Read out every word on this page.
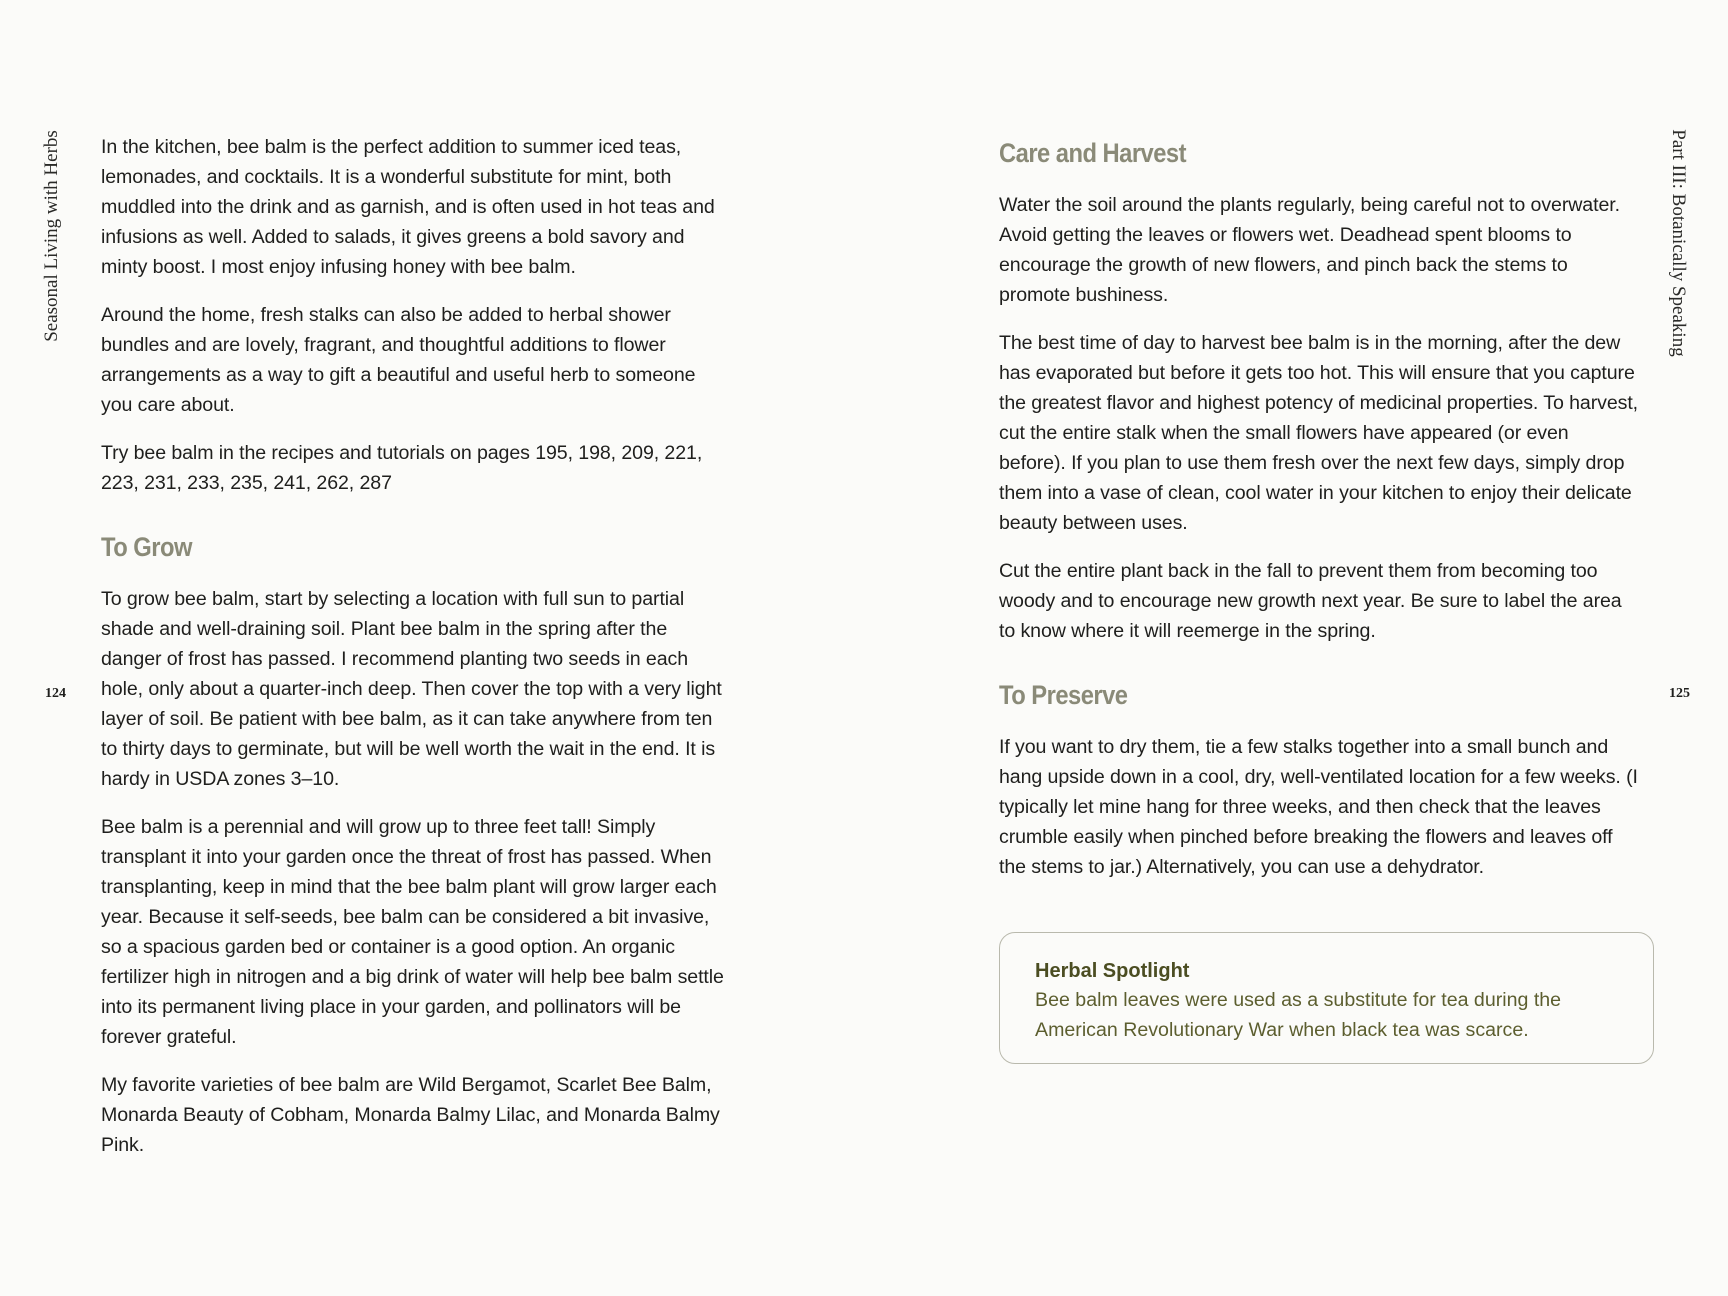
Seasonal Living with Herbs
124

In the kitchen, bee balm is the perfect addition to summer iced teas, lemonades, and cocktails. It is a wonderful substitute for mint, both muddled into the drink and as garnish, and is often used in hot teas and infusions as well. Added to salads, it gives greens a bold savory and minty boost. I most enjoy infusing honey with bee balm.

Around the home, fresh stalks can also be added to herbal shower bundles and are lovely, fragrant, and thoughtful additions to flower arrangements as a way to gift a beautiful and useful herb to someone you care about.

Try bee balm in the recipes and tutorials on pages 195, 198, 209, 221, 223, 231, 233, 235, 241, 262, 287

To Grow

To grow bee balm, start by selecting a location with full sun to partial shade and well-draining soil. Plant bee balm in the spring after the danger of frost has passed. I recommend planting two seeds in each hole, only about a quarter-inch deep. Then cover the top with a very light layer of soil. Be patient with bee balm, as it can take anywhere from ten to thirty days to germinate, but will be well worth the wait in the end. It is hardy in USDA zones 3–10.

Bee balm is a perennial and will grow up to three feet tall! Simply transplant it into your garden once the threat of frost has passed. When transplanting, keep in mind that the bee balm plant will grow larger each year. Because it self-seeds, bee balm can be considered a bit invasive, so a spacious garden bed or container is a good option. An organic fertilizer high in nitrogen and a big drink of water will help bee balm settle into its permanent living place in your garden, and pollinators will be forever grateful.

My favorite varieties of bee balm are Wild Bergamot, Scarlet Bee Balm, Monarda Beauty of Cobham, Monarda Balmy Lilac, and Monarda Balmy Pink.

Part III: Botanically Speaking
125
Care and Harvest

Water the soil around the plants regularly, being careful not to overwater. Avoid getting the leaves or flowers wet. Deadhead spent blooms to encourage the growth of new flowers, and pinch back the stems to promote bushiness.

The best time of day to harvest bee balm is in the morning, after the dew has evaporated but before it gets too hot. This will ensure that you capture the greatest flavor and highest potency of medicinal properties. To harvest, cut the entire stalk when the small flowers have appeared (or even before). If you plan to use them fresh over the next few days, simply drop them into a vase of clean, cool water in your kitchen to enjoy their delicate beauty between uses.

Cut the entire plant back in the fall to prevent them from becoming too woody and to encourage new growth next year. Be sure to label the area to know where it will reemerge in the spring.

To Preserve

If you want to dry them, tie a few stalks together into a small bunch and hang upside down in a cool, dry, well-ventilated location for a few weeks. (I typically let mine hang for three weeks, and then check that the leaves crumble easily when pinched before breaking the flowers and leaves off the stems to jar.) Alternatively, you can use a dehydrator.

Herbal Spotlight
Bee balm leaves were used as a substitute for tea during the American Revolutionary War when black tea was scarce.
